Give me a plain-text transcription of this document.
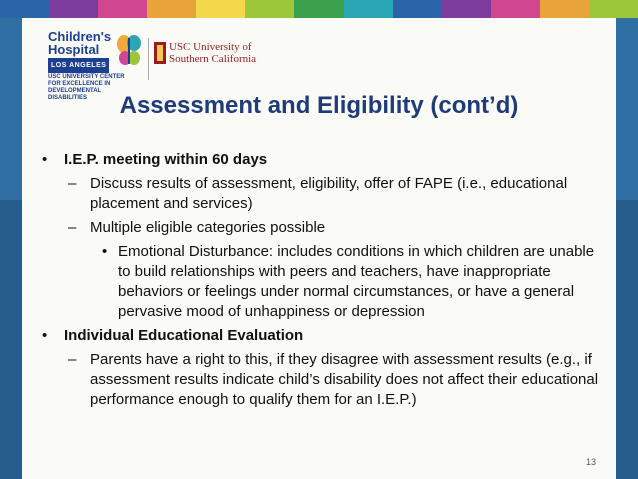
Children's
Hospital
LOS ANGELES
USC UNIVERSITY CENTER FOR EXCELLENCE IN DEVELOPMENTAL DISABILITIES
USC University of
Southern California
Assessment and Eligibility (cont’d)
• I.E.P. meeting within 60 days
– Discuss results of assessment, eligibility, offer of FAPE (i.e., educational placement and services)
– Multiple eligible categories possible
• Emotional Disturbance: includes conditions in which children are unable to build relationships with peers and teachers, have inappropriate behaviors or feelings under normal circumstances, or have a general pervasive mood of unhappiness or depression
• Individual Educational Evaluation
– Parents have a right to this, if they disagree with assessment results (e.g., if assessment results indicate child’s disability does not affect their educational performance enough to qualify them for an I.E.P.)
13
